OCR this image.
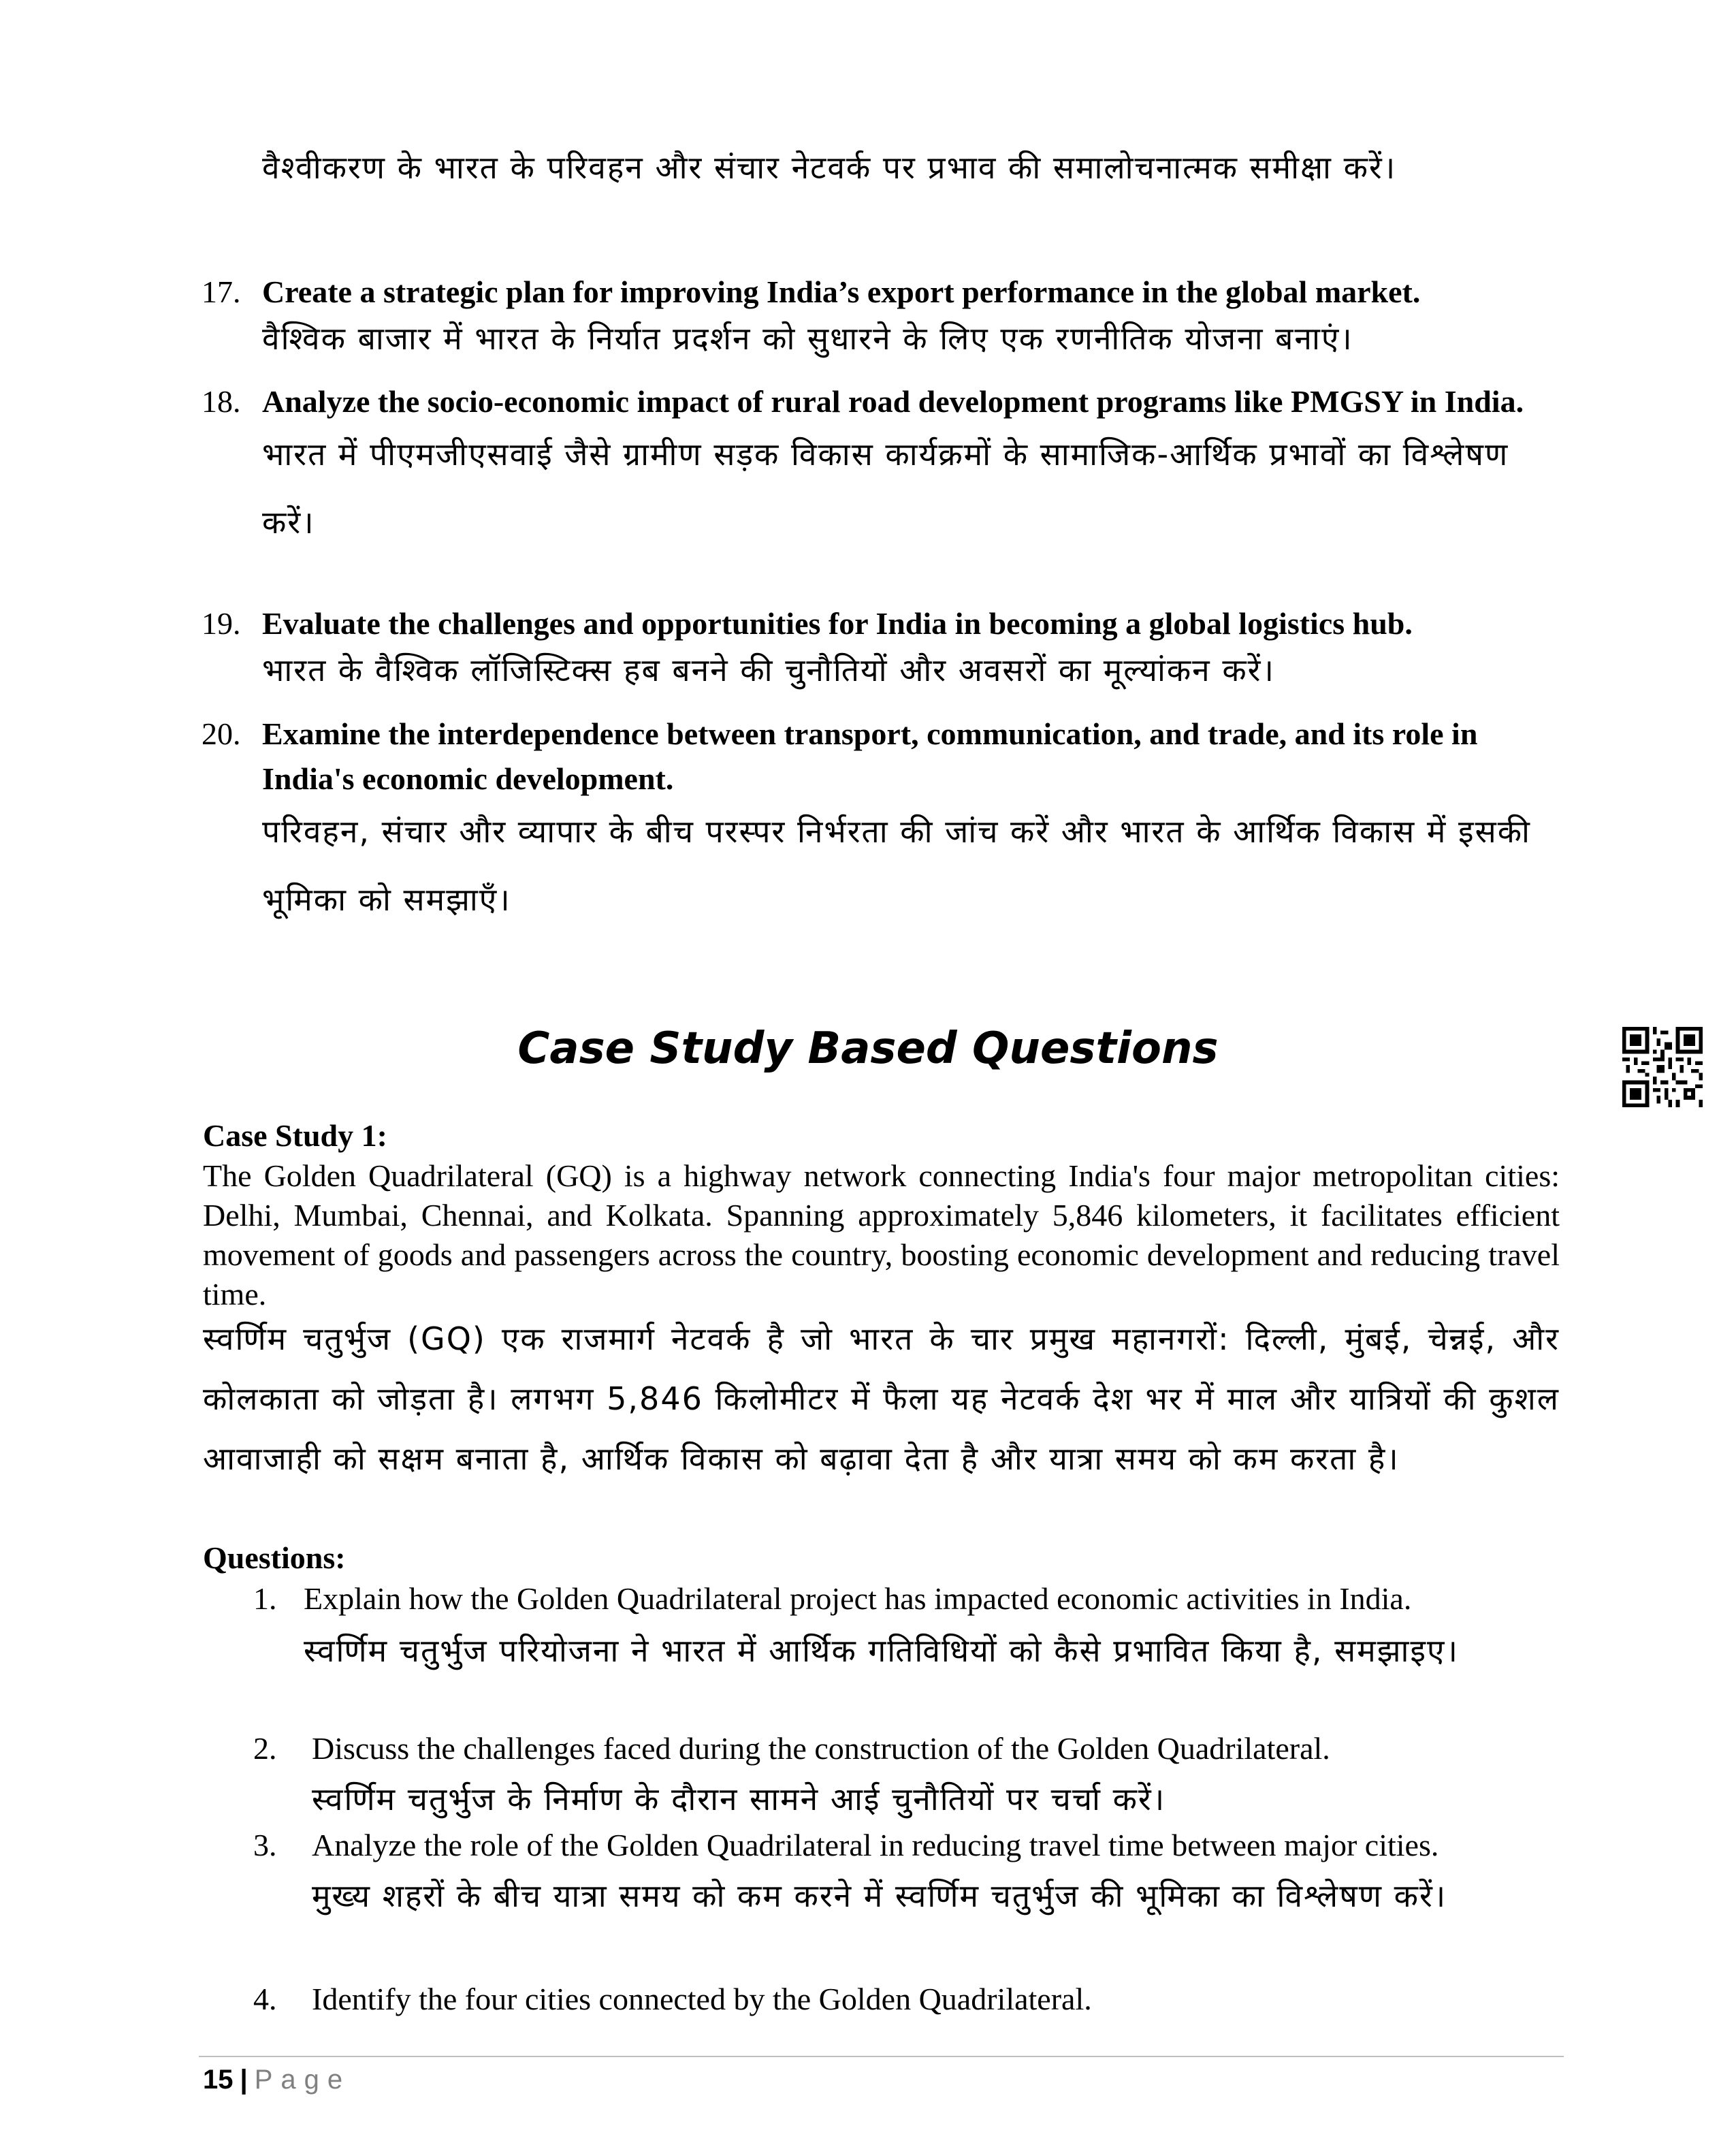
वैश्वीकरण के भारत के परिवहन और संचार नेटवर्क पर प्रभाव की समालोचनात्मक समीक्षा करें।
17. Create a strategic plan for improving India’s export performance in the global market.

वैश्विक बाजार में भारत के निर्यात प्रदर्शन को सुधारने के लिए एक रणनीतिक योजना बनाएं।

18. Analyze the socio-economic impact of rural road development programs like PMGSY in India.

भारत में पीएमजीएसवाई जैसे ग्रामीण सड़क विकास कार्यक्रमों के सामाजिक-आर्थिक प्रभावों का विश्लेषण करें।

19. Evaluate the challenges and opportunities for India in becoming a global logistics hub.

भारत के वैश्विक लॉजिस्टिक्स हब बनने की चुनौतियों और अवसरों का मूल्यांकन करें।

20. Examine the interdependence between transport, communication, and trade, and its role in India's economic development.

परिवहन, संचार और व्यापार के बीच परस्पर निर्भरता की जांच करें और भारत के आर्थिक विकास में इसकी भूमिका को समझाएँ।

Case Study Based Questions
Case Study 1:
The Golden Quadrilateral (GQ) is a highway network connecting India's four major metropolitan cities: Delhi, Mumbai, Chennai, and Kolkata. Spanning approximately 5,846 kilometers, it facilitates efficient movement of goods and passengers across the country, boosting economic development and reducing travel time.
स्वर्णिम चतुर्भुज (GQ) एक राजमार्ग नेटवर्क है जो भारत के चार प्रमुख महानगरों: दिल्ली, मुंबई, चेन्नई, और कोलकाता को जोड़ता है। लगभग 5,846 किलोमीटर में फैला यह नेटवर्क देश भर में माल और यात्रियों की कुशल आवाजाही को सक्षम बनाता है, आर्थिक विकास को बढ़ावा देता है और यात्रा समय को कम करता है।
Questions:
1. Explain how the Golden Quadrilateral project has impacted economic activities in India.
स्वर्णिम चतुर्भुज परियोजना ने भारत में आर्थिक गतिविधियों को कैसे प्रभावित किया है, समझाइए।
2. Discuss the challenges faced during the construction of the Golden Quadrilateral.
स्वर्णिम चतुर्भुज के निर्माण के दौरान सामने आई चुनौतियों पर चर्चा करें।
3. Analyze the role of the Golden Quadrilateral in reducing travel time between major cities.
मुख्य शहरों के बीच यात्रा समय को कम करने में स्वर्णिम चतुर्भुज की भूमिका का विश्लेषण करें।
4. Identify the four cities connected by the Golden Quadrilateral.
15 | Page
